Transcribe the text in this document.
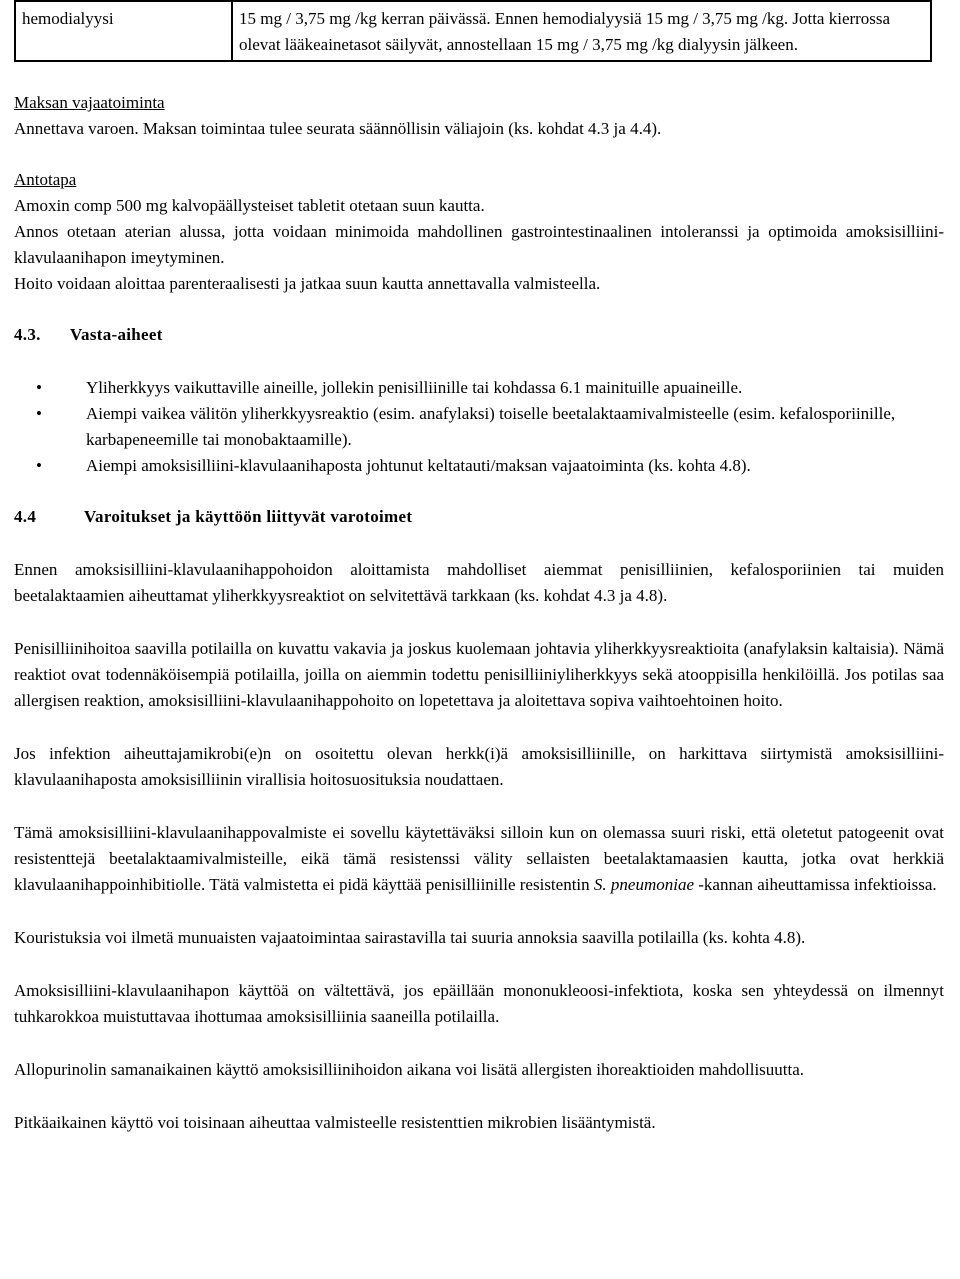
hemodialyysi	15 mg / 3,75 mg /kg kerran päivässä. Ennen hemodialyysiä 15 mg / 3,75 mg /kg. Jotta kierrossa olevat lääkeainetasot säilyvät, annostellaan 15 mg / 3,75 mg /kg dialyysin jälkeen.

Maksan vajaatoiminta

Annettava varoen. Maksan toimintaa tulee seurata säännöllisin väliajoin (ks. kohdat 4.3 ja 4.4).

Antotapa

Amoxin comp 500 mg kalvopäällysteiset tabletit otetaan suun kautta.

Annos otetaan aterian alussa, jotta voidaan minimoida mahdollinen gastrointestinaalinen intoleranssi ja optimoida amoksisilliini-klavulaanihapon imeytyminen.

Hoito voidaan aloittaa parenteraalisesti ja jatkaa suun kautta annettavalla valmisteella.

4.3. Vasta-aiheet

•	Yliherkkyys vaikuttaville aineille, jollekin penisilliinille tai kohdassa 6.1 mainituille apuaineille.
•	Aiempi vaikea välitön yliherkkyysreaktio (esim. anafylaksi) toiselle beetalaktaamivalmisteelle (esim. kefalosporiinille, karbapeneemille tai monobaktaamille).
•	Aiempi amoksisilliini-klavulaanihaposta johtunut keltatauti/maksan vajaatoiminta (ks. kohta 4.8).

4.4	Varoitukset ja käyttöön liittyvät varotoimet

Ennen amoksisilliini-klavulaanihappohoidon aloittamista mahdolliset aiemmat penisilliinien, kefalosporiinien tai muiden beetalaktaamien aiheuttamat yliherkkyysreaktiot on selvitettävä tarkkaan (ks. kohdat 4.3 ja 4.8).

Penisilliinihoitoa saavilla potilailla on kuvattu vakavia ja joskus kuolemaan johtavia yliherkkyysreaktioita (anafylaksin kaltaisia). Nämä reaktiot ovat todennäköisempiä potilailla, joilla on aiemmin todettu penisilliiniyliherkkyys sekä atooppisilla henkilöillä. Jos potilas saa allergisen reaktion, amoksisilliini-klavulaanihappohoito on lopetettava ja aloitettava sopiva vaihtoehtoinen hoito.

Jos infektion aiheuttajamikrobi(e)n on osoitettu olevan herkk(i)ä amoksisilliinille, on harkittava siirtymistä amoksisilliini-klavulaanihaposta amoksisilliinin virallisia hoitosuosituksia noudattaen.

Tämä amoksisilliini-klavulaanihappovalmiste ei sovellu käytettäväksi silloin kun on olemassa suuri riski, että oletetut patogeenit ovat resistenttejä beetalaktaamivalmisteille, eikä tämä resistenssi välity sellaisten beetalaktamaasien kautta, jotka ovat herkkiä klavulaanihappoinhibitiolle. Tätä valmistetta ei pidä käyttää penisilliinille resistentin S. pneumoniae -kannan aiheuttamissa infektioissa.

Kouristuksia voi ilmetä munuaisten vajaatoimintaa sairastavilla tai suuria annoksia saavilla potilailla (ks. kohta 4.8).

Amoksisilliini-klavulaanihapon käyttöä on vältettävä, jos epäillään mononukleoosi-infektiota, koska sen yhteydessä on ilmennyt tuhkarokkoa muistuttavaa ihottumaa amoksisilliinia saaneilla potilailla.

Allopurinolin samanaikainen käyttö amoksisilliinihoidon aikana voi lisätä allergisten ihoreaktioiden mahdollisuutta.

Pitkäaikainen käyttö voi toisinaan aiheuttaa valmisteelle resistenttien mikrobien lisääntymistä.
